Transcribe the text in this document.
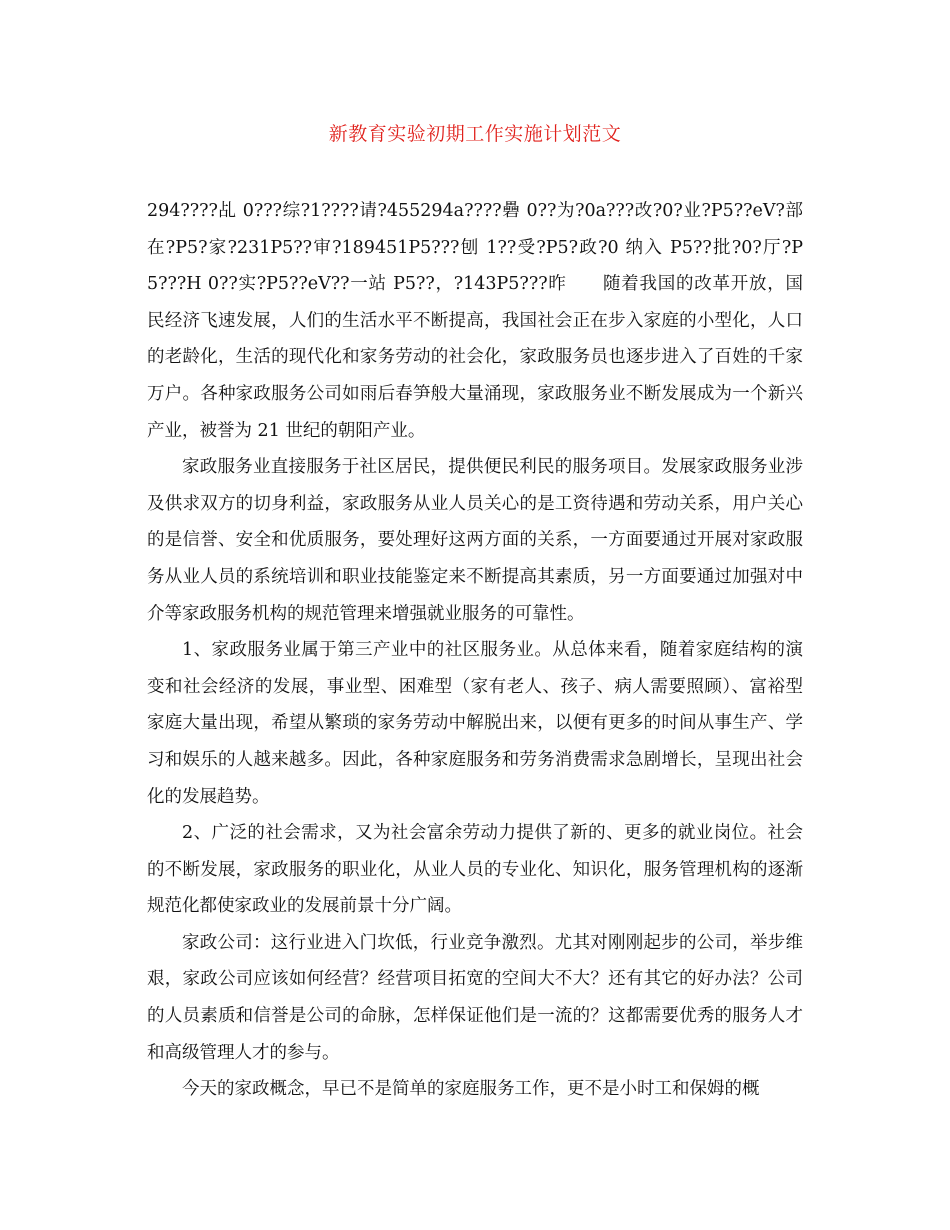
新教育实验初期工作实施计划范文

294????乩 0???综?1????请?455294a????礨 0??为?0a???改?0?业?P5??eV?部在?P5?家?231P5??审?189451P5???刨 1??受?P5?政?0 纳入 P5??批?0?厅?P5???H 0??实?P5??eV??一站 P5??，?143P5???昨　　随着我国的改革开放，国民经济飞速发展，人们的生活水平不断提高，我国社会正在步入家庭的小型化，人口的老龄化，生活的现代化和家务劳动的社会化，家政服务员也逐步进入了百姓的千家万户。各种家政服务公司如雨后春笋般大量涌现，家政服务业不断发展成为一个新兴产业，被誉为 21 世纪的朝阳产业。

家政服务业直接服务于社区居民，提供便民利民的服务项目。发展家政服务业涉及供求双方的切身利益，家政服务从业人员关心的是工资待遇和劳动关系，用户关心的是信誉、安全和优质服务，要处理好这两方面的关系，一方面要通过开展对家政服务从业人员的系统培训和职业技能鉴定来不断提高其素质，另一方面要通过加强对中介等家政服务机构的规范管理来增强就业服务的可靠性。

1、家政服务业属于第三产业中的社区服务业。从总体来看，随着家庭结构的演变和社会经济的发展，事业型、困难型（家有老人、孩子、病人需要照顾）、富裕型家庭大量出现，希望从繁琐的家务劳动中解脱出来，以便有更多的时间从事生产、学习和娱乐的人越来越多。因此，各种家庭服务和劳务消费需求急剧增长，呈现出社会化的发展趋势。

2、广泛的社会需求，又为社会富余劳动力提供了新的、更多的就业岗位。社会的不断发展，家政服务的职业化，从业人员的专业化、知识化，服务管理机构的逐渐规范化都使家政业的发展前景十分广阔。

家政公司：这行业进入门坎低，行业竞争激烈。尤其对刚刚起步的公司，举步维艰，家政公司应该如何经营？经营项目拓宽的空间大不大？还有其它的好办法？公司的人员素质和信誉是公司的命脉，怎样保证他们是一流的？这都需要优秀的服务人才和高级管理人才的参与。

今天的家政概念，早已不是简单的家庭服务工作，更不是小时工和保姆的概
